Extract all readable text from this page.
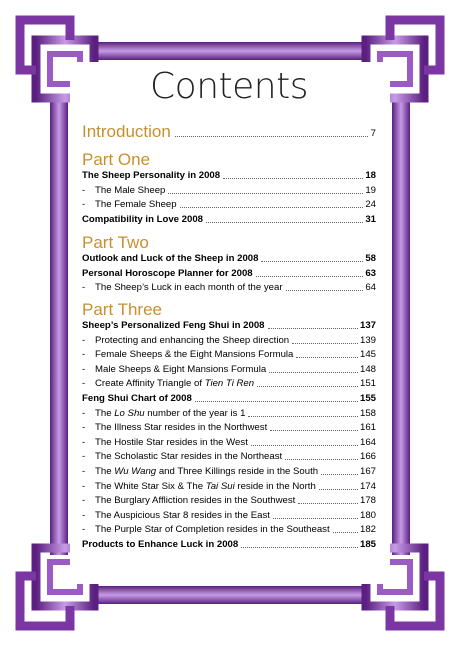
Contents
Introduction	7
Part One
The Sheep Personality in 2008	18
- The Male Sheep	19
- The Female Sheep	24
Compatibility in Love 2008	31
Part Two
Outlook and Luck of the Sheep in 2008	58
Personal Horoscope Planner for 2008	63
- The Sheep’s Luck in each month of the year	64
Part Three
Sheep’s Personalized Feng Shui in 2008	137
- Protecting and enhancing the Sheep direction	139
- Female Sheeps & the Eight Mansions Formula	145
- Male Sheeps & Eight Mansions Formula	148
- Create Affinity Triangle of Tien Ti Ren	151
Feng Shui Chart of 2008	155
- The Lo Shu number of the year is 1	158
- The Illness Star resides in the Northwest	161
- The Hostile Star resides in the West	164
- The Scholastic Star resides in the Northeast	166
- The Wu Wang and Three Killings reside in the South	167
- The White Star Six & The Tai Sui reside in the North	174
- The Burglary Affliction resides in the Southwest	178
- The Auspicious Star 8 resides in the East	180
- The Purple Star of Completion resides in the Southeast	182
Products to Enhance Luck in 2008	185
